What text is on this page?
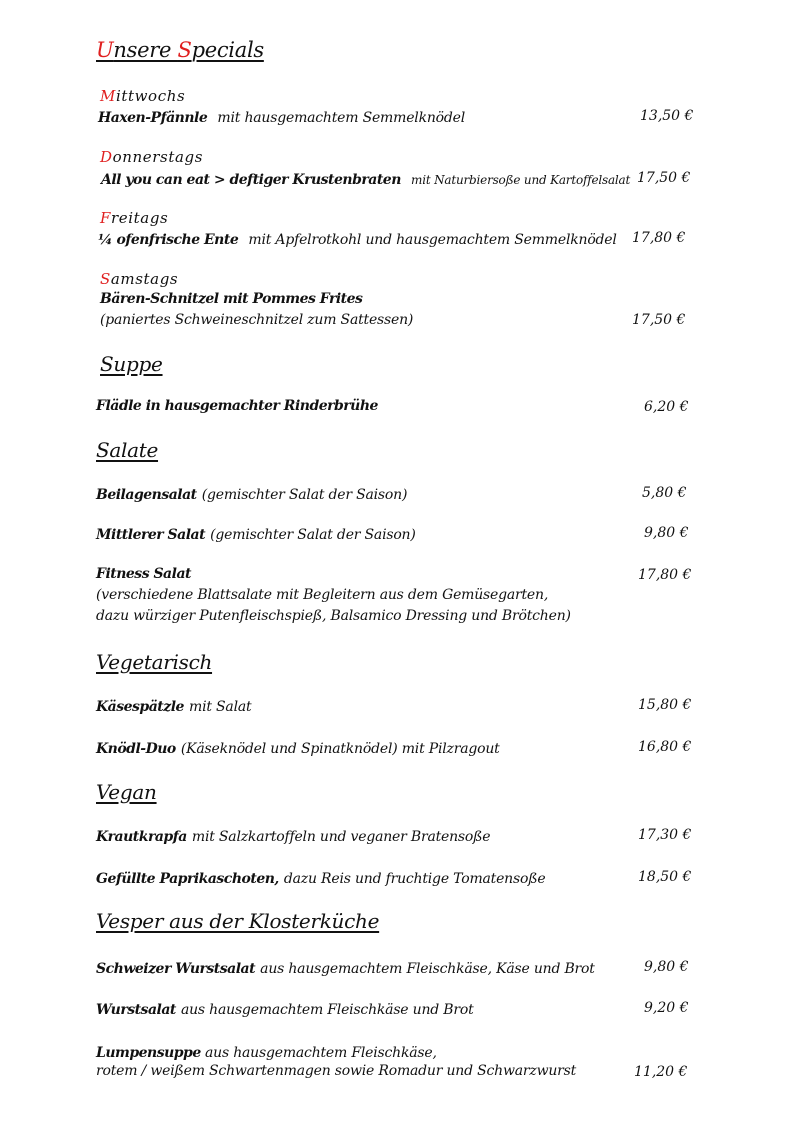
Unsere Specials
Mittwochs
Haxen-Pfännle mit hausgemachtem Semmelknödel	13,50 €
Donnerstags
All you can eat > deftiger Krustenbraten mit Naturbiersoße und Kartoffelsalat 17,50 €
Freitags
¼ ofenfrische Ente mit Apfelrotkohl und hausgemachtem Semmelknödel 17,80 €
Samstags
Bären-Schnitzel mit Pommes Frites
(paniertes Schweineschnitzel zum Sattessen)	17,50 €
Suppe
Flädle in hausgemachter Rinderbrühe	6,20 €
Salate
Beilagensalat (gemischter Salat der Saison)	5,80 €
Mittlerer Salat (gemischter Salat der Saison)	9,80 €
Fitness Salat	17,80 €
(verschiedene Blattsalate mit Begleitern aus dem Gemüsegarten,
dazu würziger Putenfleischspieß, Balsamico Dressing und Brötchen)
Vegetarisch
Käsespätzle mit Salat	15,80 €
Knödl-Duo (Käseknödel und Spinatknödel) mit Pilzragout	16,80 €
Vegan
Krautkrapfa mit Salzkartoffeln und veganer Bratensoße	17,30 €
Gefüllte Paprikaschoten, dazu Reis und fruchtige Tomatensoße	18,50 €
Vesper aus der Klosterküche
Schweizer Wurstsalat aus hausgemachtem Fleischkäse, Käse und Brot	9,80 €
Wurstsalat aus hausgemachtem Fleischkäse und Brot	9,20 €
Lumpensuppe aus hausgemachtem Fleischkäse,
rotem / weißem Schwartenmagen sowie Romadur und Schwarzwurst	11,20 €
